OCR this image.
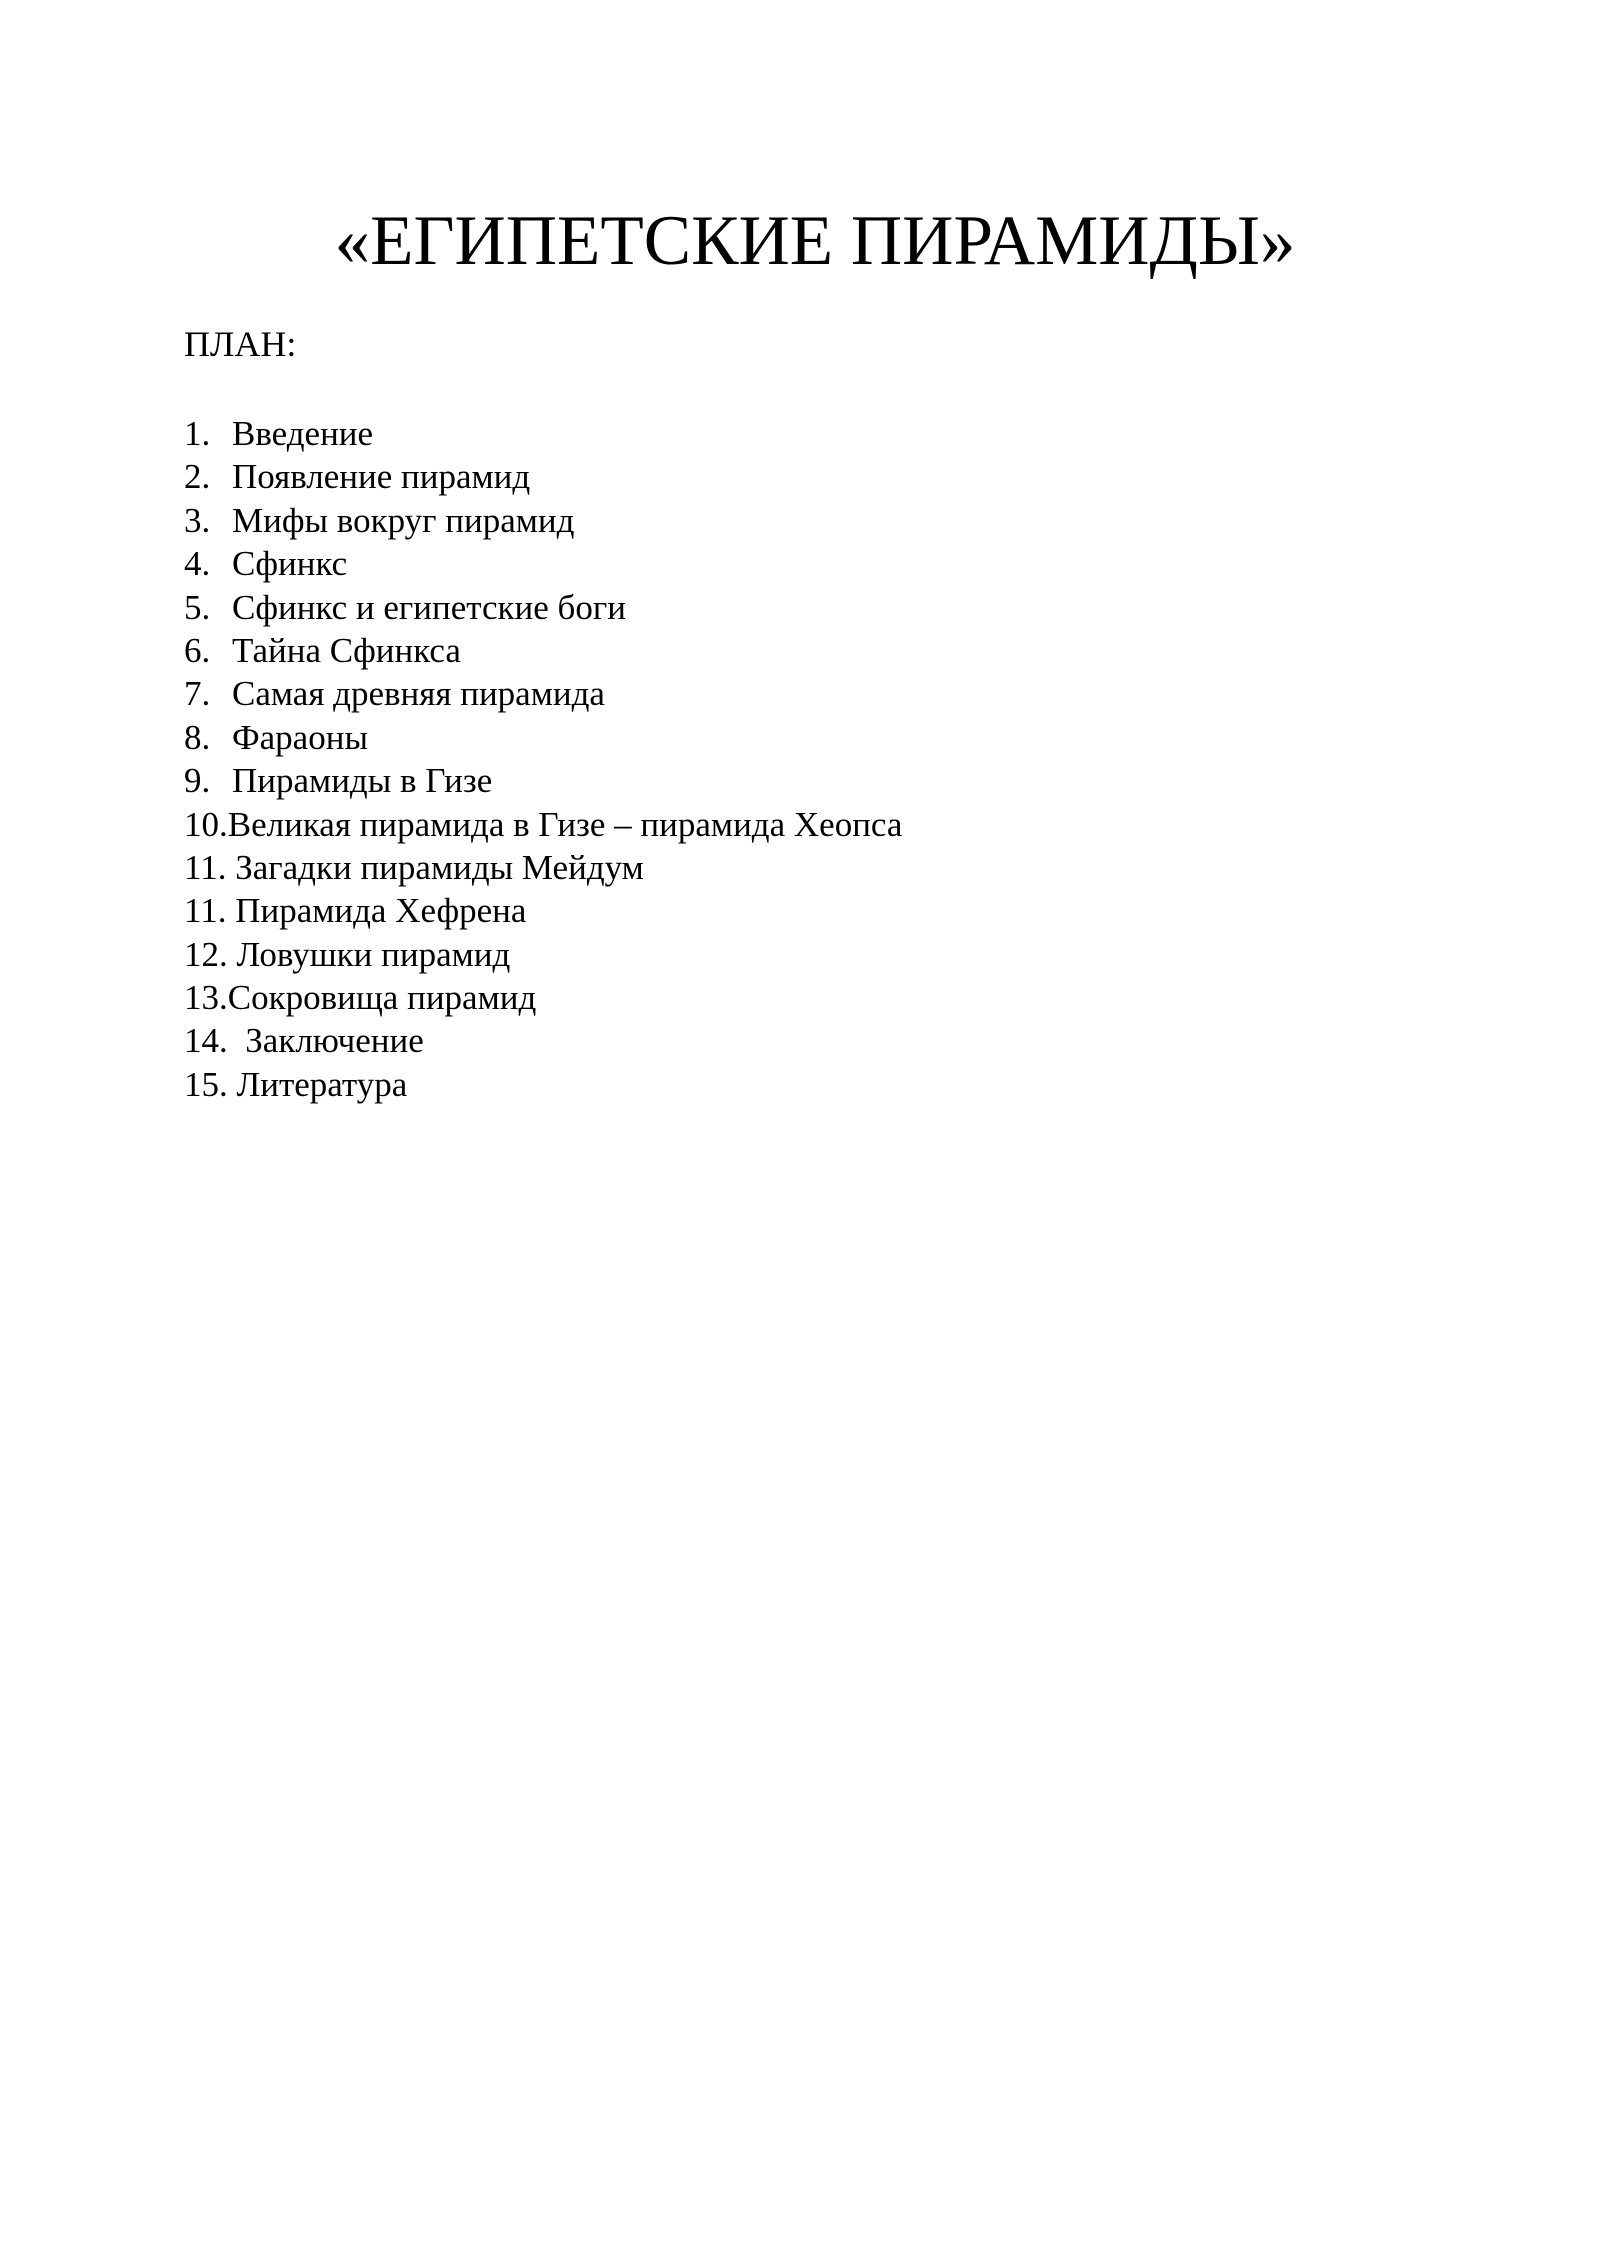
«ЕГИПЕТСКИЕ ПИРАМИДЫ»

ПЛАН:

1. Введение
2. Появление пирамид
3. Мифы вокруг пирамид
4. Сфинкс
5. Сфинкс и египетские боги
6. Тайна Сфинкса
7. Самая древняя пирамида
8. Фараоны
9. Пирамиды в Гизе
10. Великая пирамида в Гизе – пирамида Хеопса
11. Загадки пирамиды Мейдум
11. Пирамида Хефрена
12. Ловушки пирамид
13. Сокровища пирамид
14. Заключение
15. Литература
